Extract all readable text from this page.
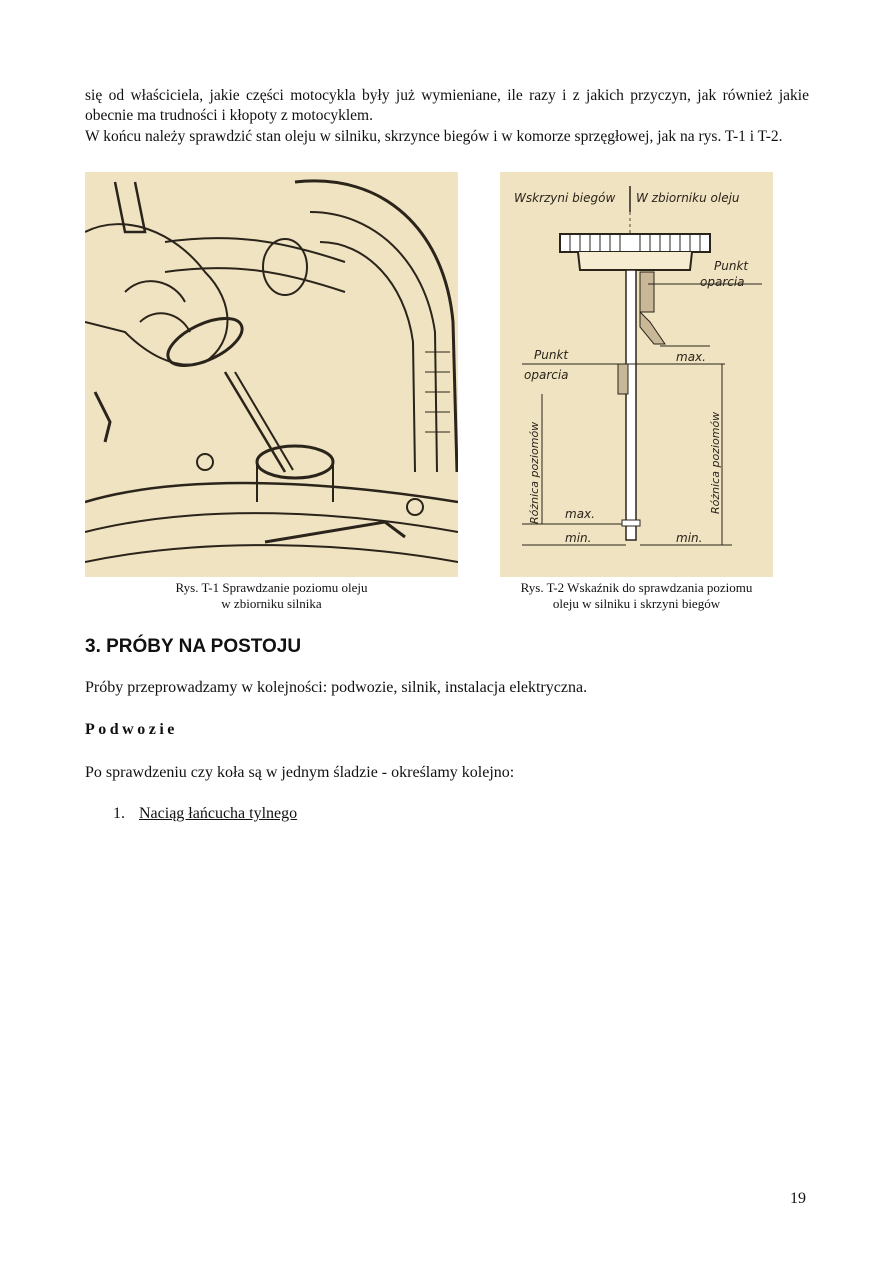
się od właściciela, jakie części motocykla były już wymieniane, ile razy i z jakich przyczyn, jak również jakie obecnie ma trudności i kłopoty z motocyklem.

W końcu należy sprawdzić stan oleju w silniku, skrzynce biegów i w komorze sprzęgłowej, jak na rys. T-1 i T-2.

Wskrzyni biegów W zbiorniku oleju
Punkt
oparcia
max.
Punkt
oparcia
max.
min.	min.
Różnica poziomów	Różnica poziomów
Rys. T-1 Sprawdzanie poziomu oleju
w zbiorniku silnika
Rys. T-2 Wskaźnik do sprawdzania poziomu
oleju w silniku i skrzyni biegów
3. PRÓBY NA POSTOJU
Próby przeprowadzamy w kolejności: podwozie, silnik, instalacja elektryczna.
Podwozie
Po sprawdzeniu czy koła są w jednym śladzie - określamy kolejno:
1. Naciąg łańcucha tylnego
19
